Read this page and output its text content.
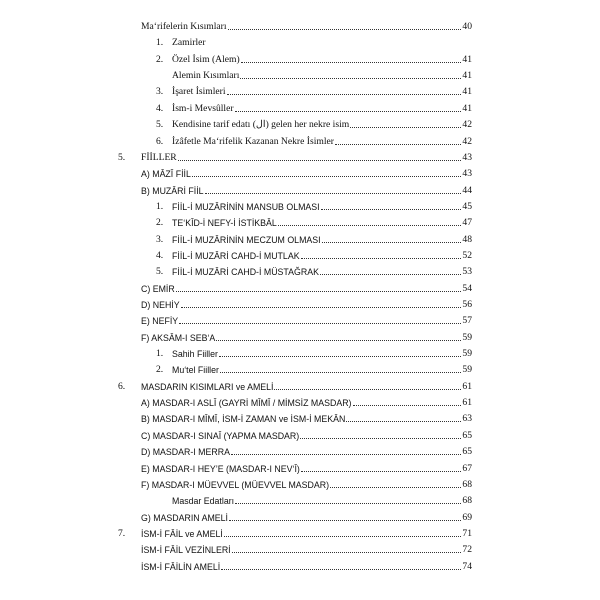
Ma‘rifelerin Kısımları	40
1. Zamirler
2. Özel İsim (Alem)	41
Alemin Kısımları	41
3. İşaret İsimleri	41
4. İsm-i Mevsûller	41
5. Kendisine tarif edatı (ال) gelen her nekre isim	42
6. İzâfetle Ma‘rifelik Kazanan Nekre İsimler	42
5.	FİİLLER	43
A) MÂZÎ FİİL	43
B) MUZÂRİ FİİL	44
1. FİİL-İ MUZÂRİNİN MANSUB OLMASI	45
2. TE‘KÎD-İ NEFY-İ İSTİKBÂL	47
3. FİİL-İ MUZÂRİNİN MECZUM OLMASI	48
4. FİİL-İ MUZÂRİ CAHD-İ MUTLAK	52
5. FİİL-İ MUZÂRİ CAHD-İ MÜSTAĞRAK	53
C) EMİR	54
D) NEHİY	56
E) NEFİY	57
F) AKSÂM-I SEB‘A	59
1. Sahih Fiiller	59
2. Mu‘tel Fiiller	59
6.	MASDARIN KISIMLARI ve AMELİ	61
A) MASDAR-I ASLÎ (GAYRİ MÎMÎ / MİMSİZ MASDAR)	61
B) MASDAR-I MÎMÎ, İSM-İ ZAMAN ve İSM-İ MEKÂN	63
C) MASDAR-I SINAÎ (YAPMA MASDAR)	65
D) MASDAR-I MERRA	65
E) MASDAR-I HEY’E (MASDAR-I NEV‘Î)	67
F) MASDAR-I MÜEVVEL (MÜEVVEL MASDAR)	68
Masdar Edatları	68
G) MASDARIN AMELİ	69
7.	İSM-İ FÂİL ve AMELİ	71
İSM-İ FÂİL VEZİNLERİ	72
İSM-İ FÂİLİN AMELİ	74
